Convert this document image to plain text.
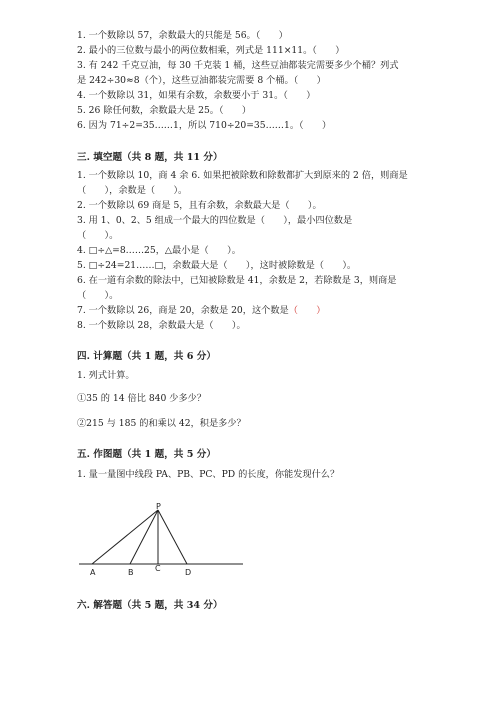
1. 一个数除以 57，余数最大的只能是 56。（　　）
2. 最小的三位数与最小的两位数相乘，列式是 111×11。（　　）
3. 有 242 千克豆油，每 30 千克装 1 桶，这些豆油都装完需要多少个桶？列式
是 242÷30≈8（个），这些豆油都装完需要 8 个桶。（　　）
4. 一个数除以 31，如果有余数，余数要小于 31。（　　）
5. 26 除任何数，余数最大是 25。（　　）
6. 因为 71÷2=35……1，所以 710÷20=35……1。（　　）
三. 填空题（共 8 题，共 11 分）
1. 一个数除以 10，商 4 余 6. 如果把被除数和除数都扩大到原来的 2 倍，则商是
（　　），余数是（　　）。
2. 一个数除以 69 商是 5，且有余数，余数最大是（　　）。
3. 用 1、0、2、5 组成一个最大的四位数是（　　），最小四位数是
（　　）。
4. □÷△=8……25，△最小是（　　）。
5. □÷24=21……□，余数最大是（　　），这时被除数是（　　）。
6. 在一道有余数的除法中，已知被除数是 41，余数是 2，若除数是 3，则商是
（　　）。
7. 一个数除以 26，商是 20，余数是 20，这个数是（　　）
8. 一个数除以 28，余数最大是（　　）。
四. 计算题（共 1 题，共 6 分）
1. 列式计算。
①35 的 14 倍比 840 少多少？
②215 与 185 的和乘以 42，积是多少？
五. 作图题（共 1 题，共 5 分）
1. 量一量图中线段 PA、PB、PC、PD 的长度，你能发现什么？
P
A	B	C	D
六. 解答题（共 5 题，共 34 分）
